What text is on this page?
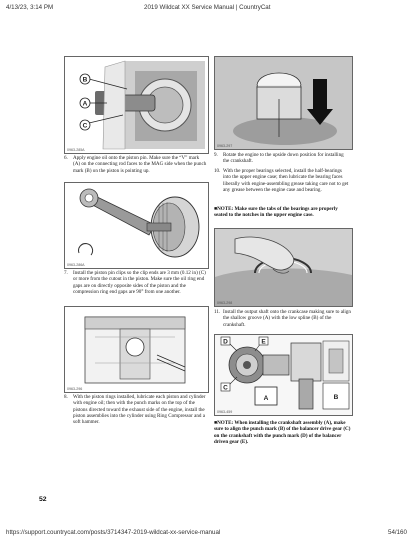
4/13/23, 3:14 PM	2019 Wildcat XX Service Manual | CountryCat
B
A
C
0963-285A
6.	Apply engine oil onto the piston pin. Make sure the “V” mark (A) on the connecting rod faces to the MAG side when the punch mark (B) on the piston is pointing up.
0963-286A
7.	Install the piston pin clips so the clip ends are 3 mm (0.12 in) (C) or more from the cutout in the piston. Make sure the oil ring end gaps are on directly opposite sides of the piston and the compression ring end gaps are 90° from one another.
0963-296
8.	With the piston rings installed, lubricate each piston and cylinder with engine oil; then with the punch marks on the top of the pistons directed toward the exhaust side of the engine, install the piston assemblies into the cylinder using Ring Compressor and a soft hammer.
0963-297
9.	Rotate the engine to the upside down position for installing the crankshaft.
10. With the proper bearings selected, install the half-bearings into the upper engine case; then lubricate the bearing faces liberally with engine-assembling grease taking care not to get any grease between the engine case and bearing.
■NOTE: Make sure the tabs of the bearings are properly seated to the notches in the upper engine case.
0963-298
11. Install the output shaft onto the crankcase making sure to align the shallow groove (A) with the low spline (B) of the crankshaft.
D	E
C
A	B
0963-459
■NOTE: When installing the crankshaft assembly (A), make sure to align the punch mark (B) of the balancer drive gear (C) on the crankshaft with the punch mark (D) of the balancer driven gear (E).
52
https://support.countrycat.com/posts/3714347-2019-wildcat-xx-service-manual	54/160
